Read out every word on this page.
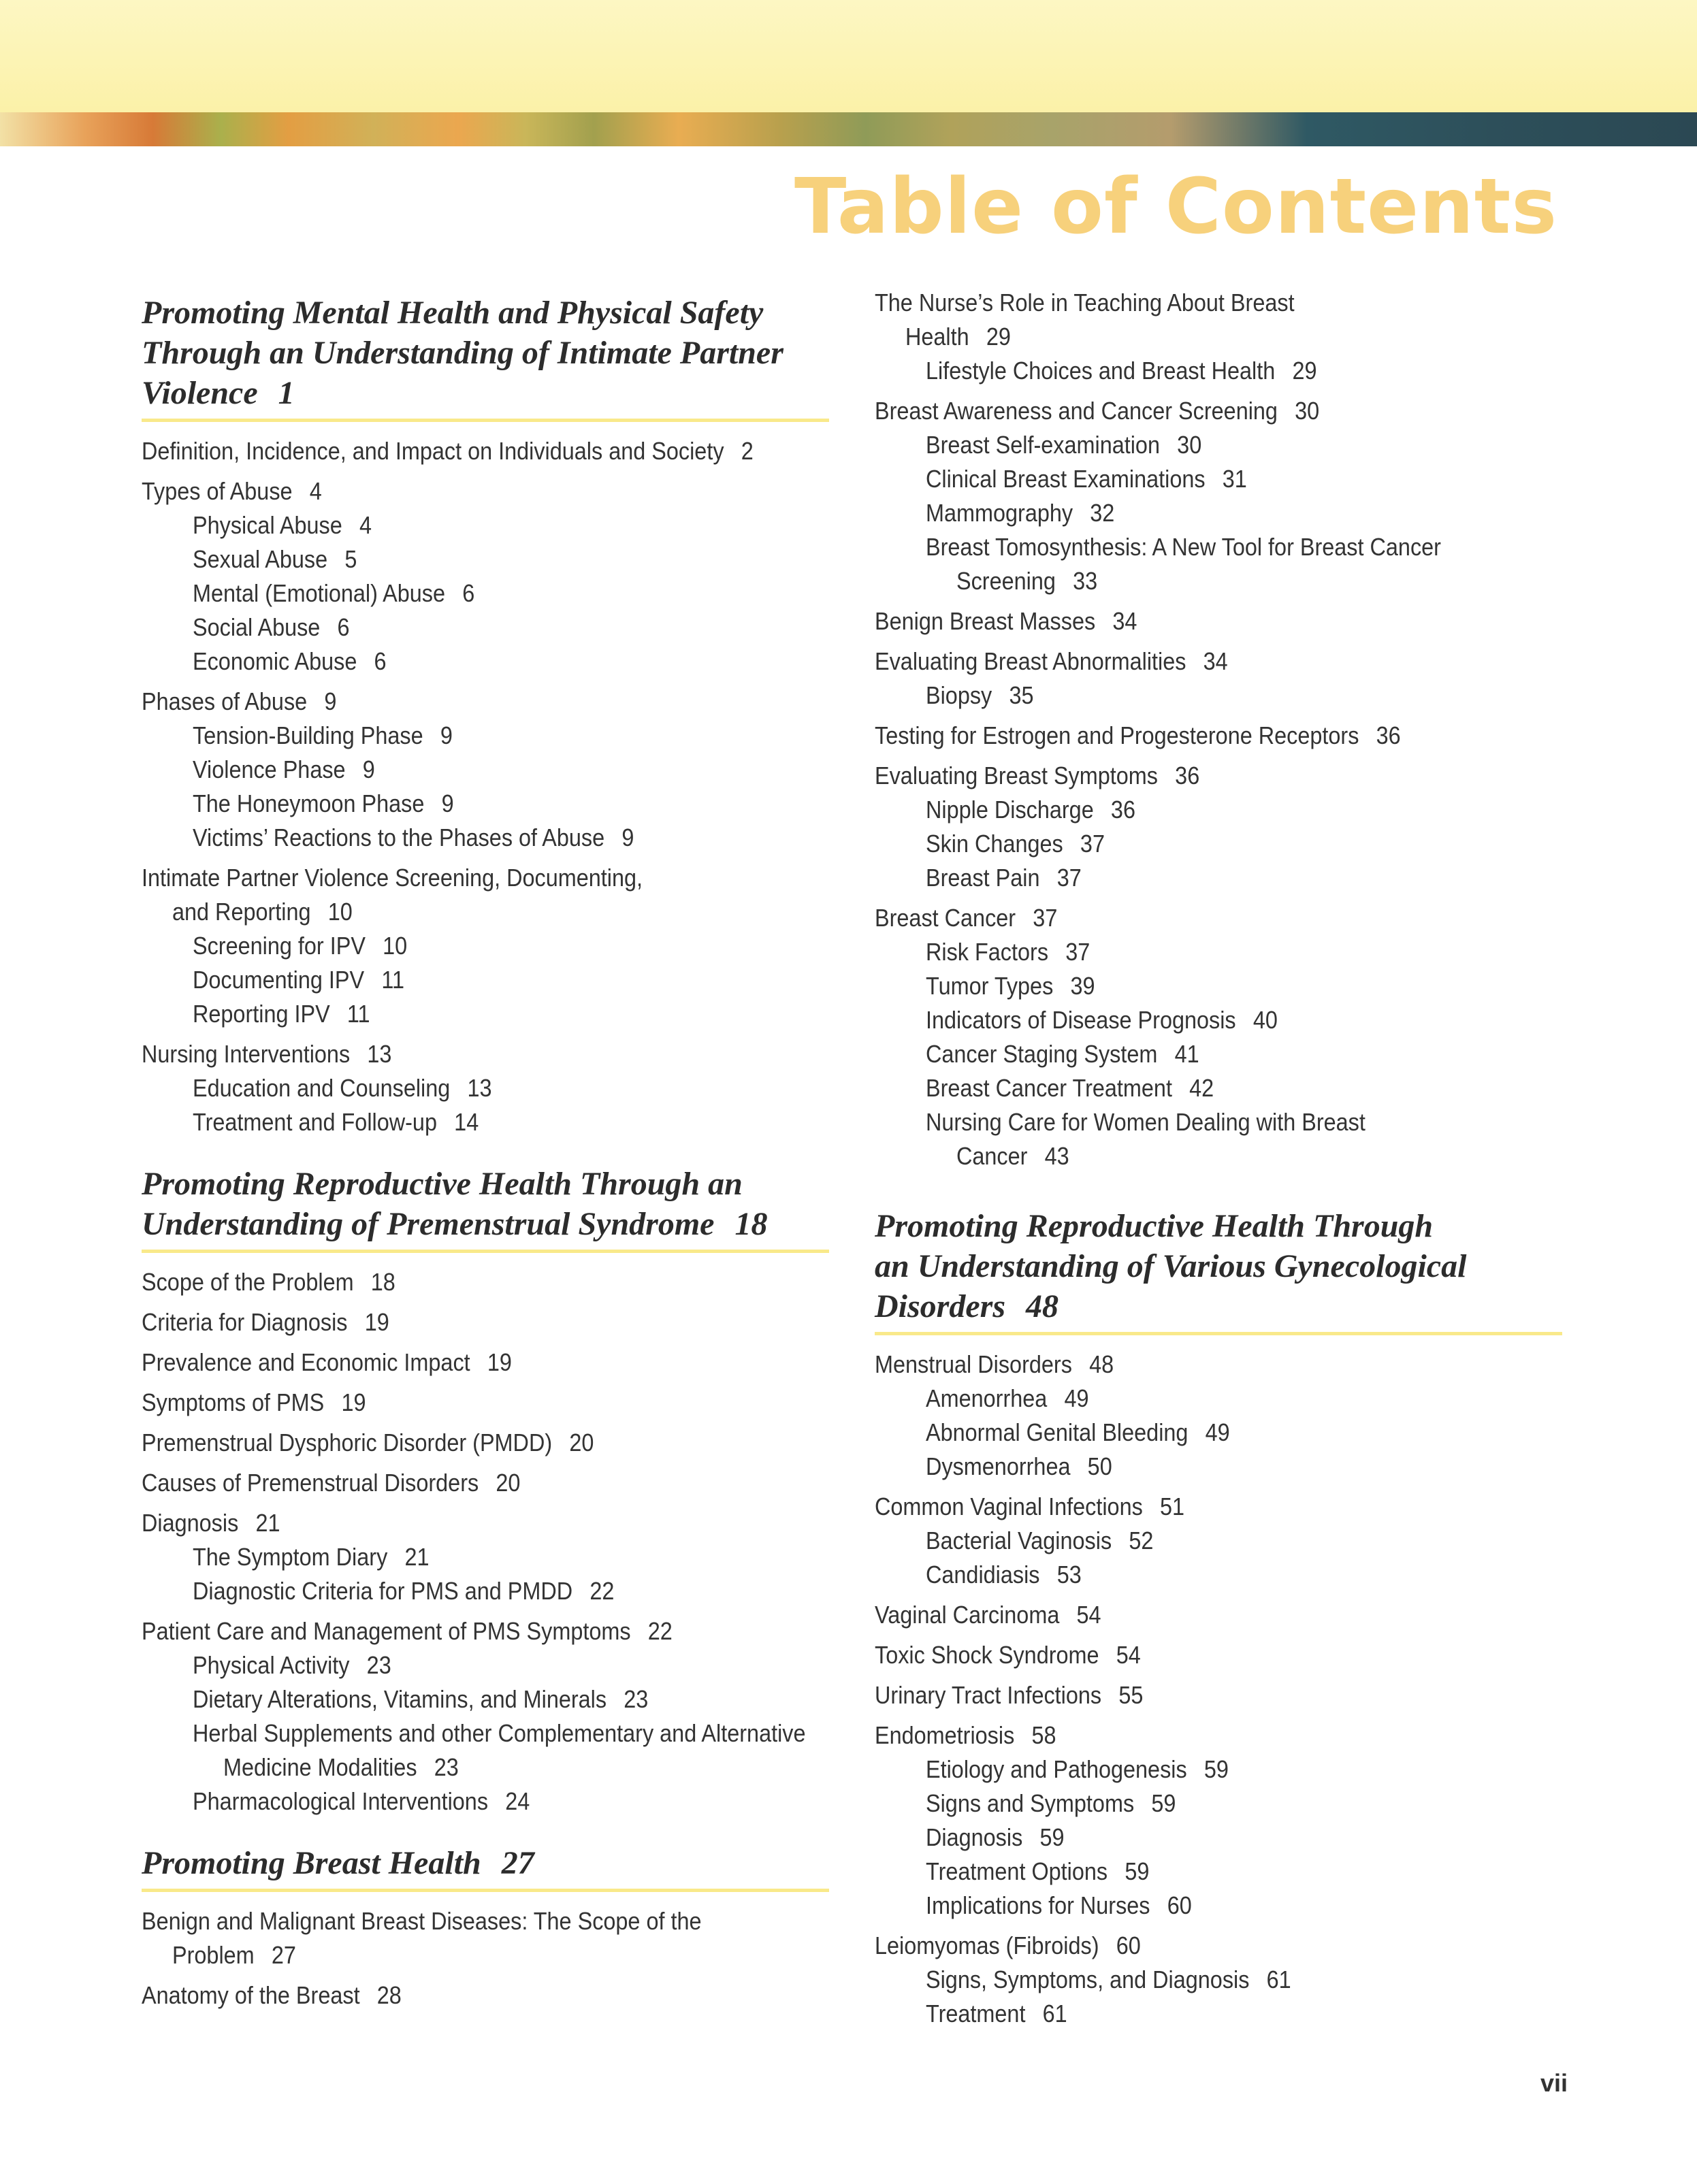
Table of Contents
Promoting Mental Health and Physical Safety
Through an Understanding of Intimate Partner
Violence 1
Definition, Incidence, and Impact on Individuals and Society 2
Types of Abuse 4
Physical Abuse 4
Sexual Abuse 5
Mental (Emotional) Abuse 6
Social Abuse 6
Economic Abuse 6
Phases of Abuse 9
Tension-Building Phase 9
Violence Phase 9
The Honeymoon Phase 9
Victims’ Reactions to the Phases of Abuse 9
Intimate Partner Violence Screening, Documenting,
and Reporting 10
Screening for IPV 10
Documenting IPV 11
Reporting IPV 11
Nursing Interventions 13
Education and Counseling 13
Treatment and Follow-up 14
Promoting Reproductive Health Through an
Understanding of Premenstrual Syndrome 18
Scope of the Problem 18
Criteria for Diagnosis 19
Prevalence and Economic Impact 19
Symptoms of PMS 19
Premenstrual Dysphoric Disorder (PMDD) 20
Causes of Premenstrual Disorders 20
Diagnosis 21
The Symptom Diary 21
Diagnostic Criteria for PMS and PMDD 22
Patient Care and Management of PMS Symptoms 22
Physical Activity 23
Dietary Alterations, Vitamins, and Minerals 23
Herbal Supplements and other Complementary and Alternative
Medicine Modalities 23
Pharmacological Interventions 24
Promoting Breast Health 27
Benign and Malignant Breast Diseases: The Scope of the
Problem 27
Anatomy of the Breast 28
The Nurse’s Role in Teaching About Breast
Health 29
Lifestyle Choices and Breast Health 29
Breast Awareness and Cancer Screening 30
Breast Self-examination 30
Clinical Breast Examinations 31
Mammography 32
Breast Tomosynthesis: A New Tool for Breast Cancer
Screening 33
Benign Breast Masses 34
Evaluating Breast Abnormalities 34
Biopsy 35
Testing for Estrogen and Progesterone Receptors 36
Evaluating Breast Symptoms 36
Nipple Discharge 36
Skin Changes 37
Breast Pain 37
Breast Cancer 37
Risk Factors 37
Tumor Types 39
Indicators of Disease Prognosis 40
Cancer Staging System 41
Breast Cancer Treatment 42
Nursing Care for Women Dealing with Breast
Cancer 43
Promoting Reproductive Health Through
an Understanding of Various Gynecological
Disorders 48
Menstrual Disorders 48
Amenorrhea 49
Abnormal Genital Bleeding 49
Dysmenorrhea 50
Common Vaginal Infections 51
Bacterial Vaginosis 52
Candidiasis 53
Vaginal Carcinoma 54
Toxic Shock Syndrome 54
Urinary Tract Infections 55
Endometriosis 58
Etiology and Pathogenesis 59
Signs and Symptoms 59
Diagnosis 59
Treatment Options 59
Implications for Nurses 60
Leiomyomas (Fibroids) 60
Signs, Symptoms, and Diagnosis 61
Treatment 61
vii
